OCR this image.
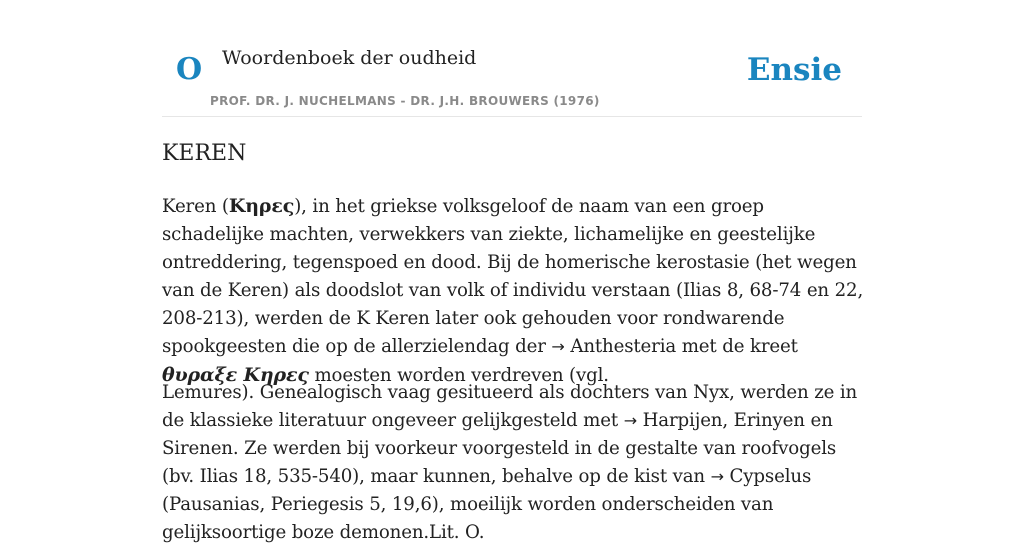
O Woordenboek der oudheid
PROF. DR. J. NUCHELMANS - DR. J.H. BROUWERS (1976)
Ensie
KEREN

Keren (Κηρες), in het griekse volksgeloof de naam van een groep schadelijke machten, verwekkers van ziekte, lichamelijke en geestelijke ontreddering, tegenspoed en dood. Bij de homerische kerostasie (het wegen van de Keren) als doodslot van volk of individu verstaan (Ilias 8, 68-74 en 22, 208-213), werden de K Keren later ook gehouden voor rondwarende spookgeesten die op de allerzielendag der → Anthesteria met de kreet θυραξε Κηρες moesten worden verdreven (vgl.

Lemures). Genealogisch vaag gesitueerd als dochters van Nyx, werden ze in de klassieke literatuur ongeveer gelijkgesteld met → Harpijen, Erinyen en Sirenen. Ze werden bij voorkeur voorgesteld in de gestalte van roofvogels (bv. Ilias 18, 535-540), maar kunnen, behalve op de kist van → Cypselus (Pausanias, Periegesis 5, 19,6), moeilijk worden onderscheiden van gelijksoortige boze demonen.Lit. O.
